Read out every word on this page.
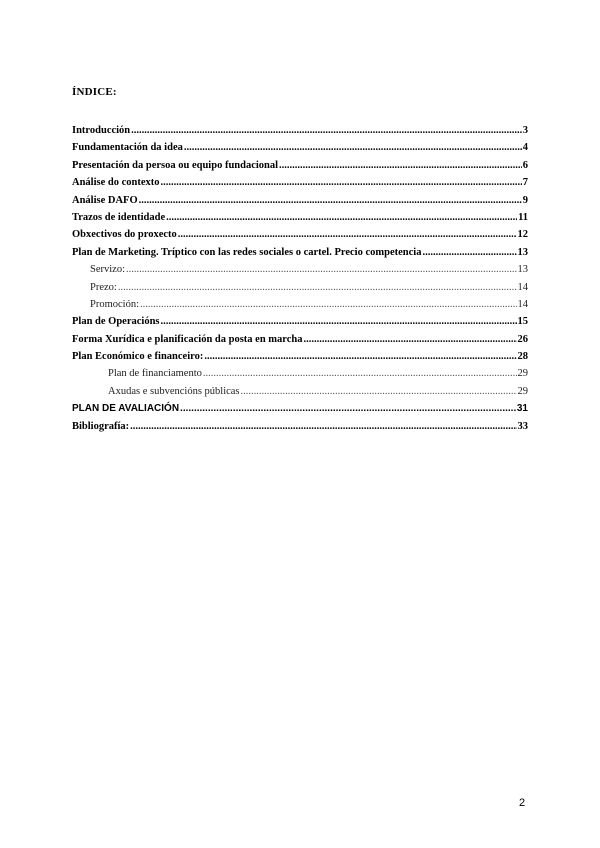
ÍNDICE:
Introducción .....	3
Fundamentación da idea .....	4
Presentación da persoa ou equipo fundacional .....	6
Análise do contexto .....	7
Análise DAFO .....	9
Trazos de identidade .....	11
Obxectivos do proxecto .....	12
Plan de Marketing. Tríptico con las redes sociales o cartel. Precio competencia .....	13
Servizo: .....	13
Prezo: .....	14
Promoción: .....	14
Plan de Operacións .....	15
Forma Xurídica e planificación da posta en marcha .....	26
Plan Económico e financeiro: .....	28
Plan de financiamento .....	29
Axudas e subvencións públicas .....	29
PLAN DE AVALIACIÓN .....	31
Bibliografía: .....	33
2
